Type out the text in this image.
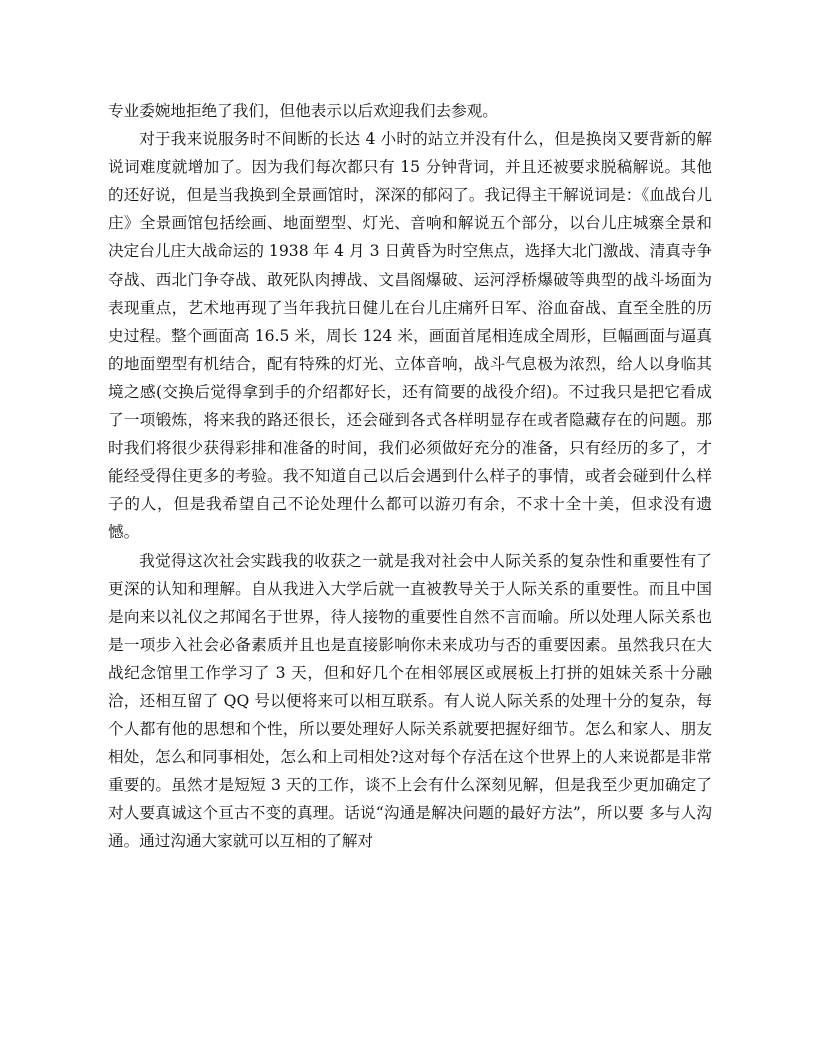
专业委婉地拒绝了我们，但他表示以后欢迎我们去参观。

对于我来说服务时不间断的长达 4 小时的站立并没有什么，但是换岗又要背新的解说词难度就增加了。因为我们每次都只有 15 分钟背词，并且还被要求脱稿解说。其他的还好说，但是当我换到全景画馆时，深深的郁闷了。我记得主干解说词是：《血战台儿庄》全景画馆包括绘画、地面塑型、灯光、音响和解说五个部分，以台儿庄城寨全景和决定台儿庄大战命运的 1938 年 4 月 3 日黄昏为时空焦点，选择大北门激战、清真寺争夺战、西北门争夺战、敢死队肉搏战、文昌阁爆破、运河浮桥爆破等典型的战斗场面为表现重点，艺术地再现了当年我抗日健儿在台儿庄痛歼日军、浴血奋战、直至全胜的历史过程。整个画面高 16.5 米，周长 124 米，画面首尾相连成全周形，巨幅画面与逼真的地面塑型有机结合，配有特殊的灯光、立体音响，战斗气息极为浓烈，给人以身临其境之感(交换后觉得拿到手的介绍都好长，还有简要的战役介绍)。不过我只是把它看成了一项锻炼，将来我的路还很长，还会碰到各式各样明显存在或者隐藏存在的问题。那时我们将很少获得彩排和准备的时间，我们必须做好充分的准备，只有经历的多了，才能经受得住更多的考验。我不知道自己以后会遇到什么样子的事情，或者会碰到什么样子的人，但是我希望自己不论处理什么都可以游刃有余，不求十全十美，但求没有遗憾。

我觉得这次社会实践我的收获之一就是我对社会中人际关系的复杂性和重要性有了更深的认知和理解。自从我进入大学后就一直被教导关于人际关系的重要性。而且中国是向来以礼仪之邦闻名于世界，待人接物的重要性自然不言而喻。所以处理人际关系也是一项步入社会必备素质并且也是直接影响你未来成功与否的重要因素。虽然我只在大战纪念馆里工作学习了 3 天，但和好几个在相邻展区或展板上打拼的姐妹关系十分融洽，还相互留了 QQ 号以便将来可以相互联系。有人说人际关系的处理十分的复杂，每个人都有他的思想和个性，所以要处理好人际关系就要把握好细节。怎么和家人、朋友相处，怎么和同事相处，怎么和上司相处?这对每个存活在这个世界上的人来说都是非常重要的。虽然才是短短 3 天的工作，谈不上会有什么深刻见解，但是我至少更加确定了对人要真诚这个亘古不变的真理。话说“沟通是解决问题的最好方法”，所以要 多与人沟通。通过沟通大家就可以互相的了解对
